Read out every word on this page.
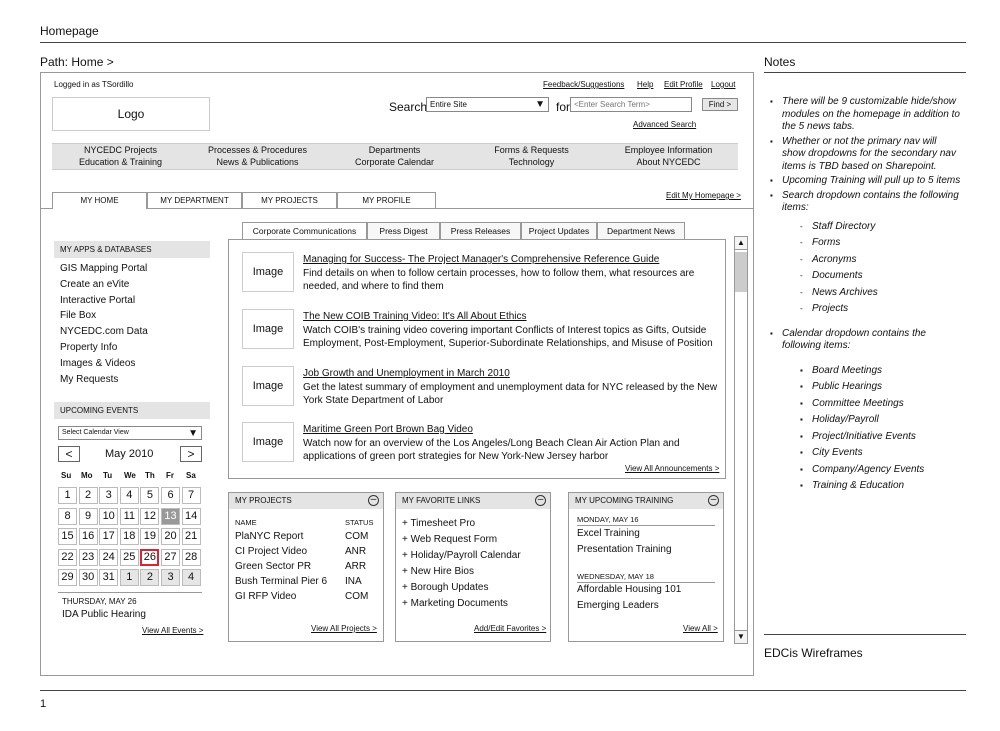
Homepage
Path: Home >
Logged in as TSordillo	Feedback/Suggestions Help Edit Profile Logout
Logo	Search Entire Site	▼ for
<Enter Search Term>	Find >
Advanced Search
NYCEDC Projects	Processes & Procedures	Departments	Forms & Requests	Employee Information
Education & Training	News & Publications	Corporate Calendar	Technology	About NYCEDC
MY HOME	MY DEPARTMENT	MY PROJECTS	MY PROFILE
Edit My Homepage >
MY APPS & DATABASES
GIS Mapping Portal
Create an eVite
Interactive Portal
File Box
NYCEDC.com Data
Property Info
Images & Videos
My Requests
UPCOMING EVENTS
Select Calendar View	▼
<	May 2010	>
Su Mo Tu We Th Fr Sa
1	2	3	4	5	6	7
8	9	10 11 12 13 14
15 16 17 18 19 20 21
22 23 24 25 26 27 28
29 30 31	1	2	3	4
THURSDAY, MAY 26
IDA Public Hearing
View All Events >
Corporate Communications	Press Digest	Press Releases	Project Updates	Department News
Image
Managing for Success- The Project Manager's Comprehensive Reference Guide
Find details on when to follow certain processes, how to follow them, what resources are needed, and where to find them
Image
The New COIB Training Video: It's All About Ethics
Watch COIB's training video covering important Conflicts of Interest topics as Gifts, Outside Employment, Post-Employment, Superior-Subordinate Relationships, and Misuse of Position
Image
Job Growth and Unemployment in March 2010
Get the latest summary of employment and unemployment data for NYC released by the New York State Department of Labor
Image
Maritime Green Port Brown Bag Video
Watch now for an overview of the Los Angeles/Long Beach Clean Air Action Plan and applications of green port strategies for New York-New Jersey harbor
View All Announcements >
▲
▼
MY PROJECTS	–
NAME	STATUS
PlaNYC Report	COM
CI Project Video	ANR
Green Sector PR	ARR
Bush Terminal Pier 6 INA
GI RFP Video	COM
View All Projects >
MY FAVORITE LINKS	–
+ Timesheet Pro
+ Web Request Form
+ Holiday/Payroll Calendar
+ New Hire Bios
+ Borough Updates
+ Marketing Documents
Add/Edit Favorites >
MY UPCOMING TRAINING	–
MONDAY, MAY 16
Excel Training
Presentation Training
WEDNESDAY, MAY 18
Affordable Housing 101
Emerging Leaders
View All >
Notes
▪ There will be 9 customizable hide/show modules on the homepage in addition to the 5 news tabs.
▪ Whether or not the primary nav will show dropdowns for the secondary nav items is TBD based on Sharepoint.
▪ Upcoming Training will pull up to 5 items
▪ Search dropdown contains the following items:
- Staff Directory
- Forms
- Acronyms
- Documents
- News Archives
- Projects
▪ Calendar dropdown contains the following items:
▪ Board Meetings
▪ Public Hearings
▪ Committee Meetings
▪ Holiday/Payroll
▪ Project/Initiative Events
▪ City Events
▪ Company/Agency Events
▪ Training & Education
EDCis Wireframes
1
